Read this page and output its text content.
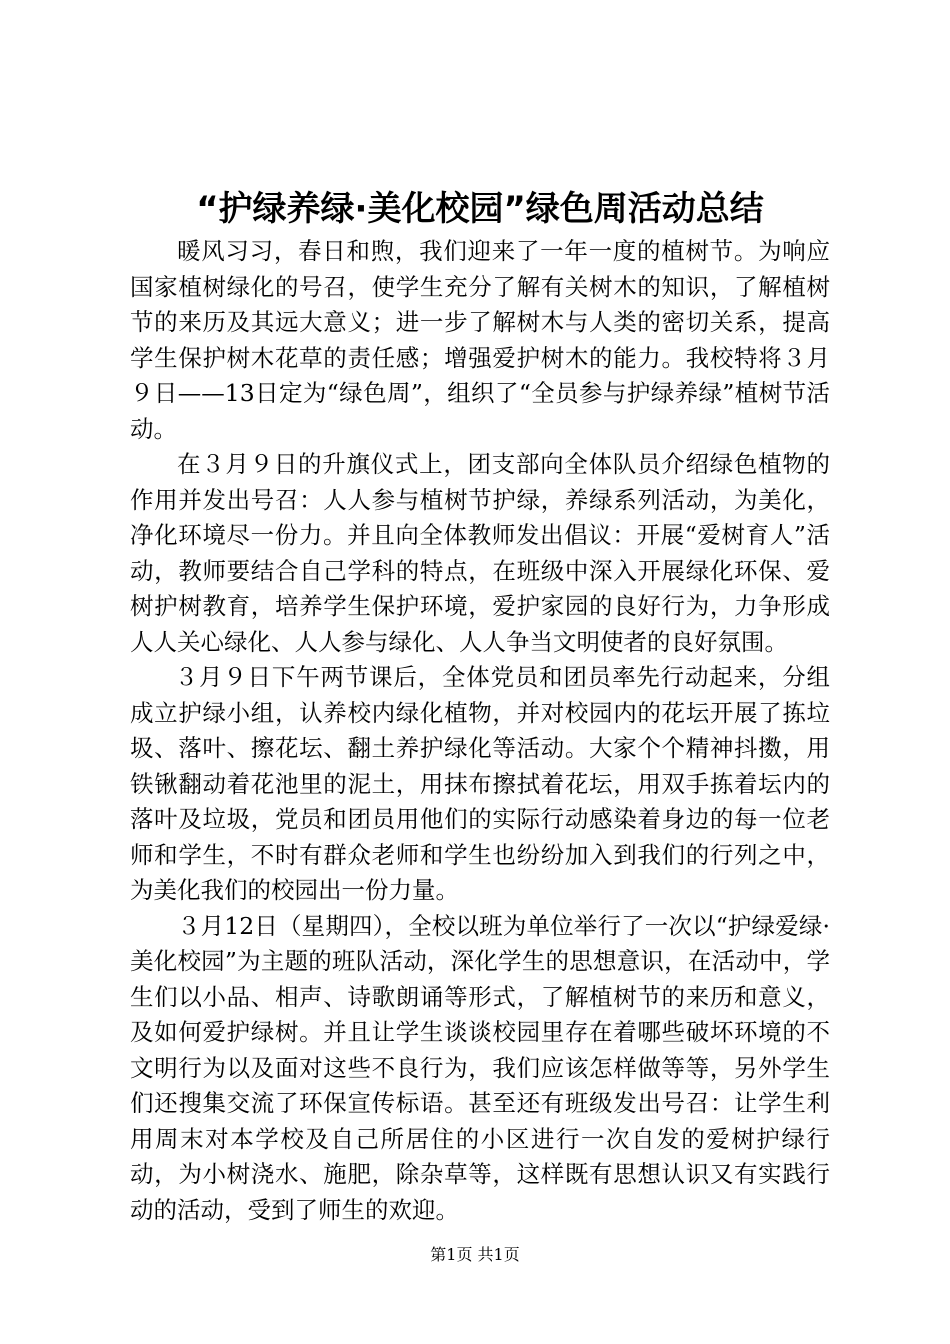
“护绿养绿·美化校园”绿色周活动总结

暖风习习，春日和煦，我们迎来了一年一度的植树节。为响应国家植树绿化的号召，使学生充分了解有关树木的知识，了解植树节的来历及其远大意义；进一步了解树木与人类的密切关系，提高学生保护树木花草的责任感；增强爱护树木的能力。我校特将３月９日——13日定为“绿色周”，组织了“全员参与护绿养绿”植树节活动。

在３月９日的升旗仪式上，团支部向全体队员介绍绿色植物的作用并发出号召：人人参与植树节护绿，养绿系列活动，为美化，净化环境尽一份力。并且向全体教师发出倡议：开展“爱树育人”活动，教师要结合自己学科的特点，在班级中深入开展绿化环保、爱树护树教育，培养学生保护环境，爱护家园的良好行为，力争形成人人关心绿化、人人参与绿化、人人争当文明使者的良好氛围。

３月９日下午两节课后，全体党员和团员率先行动起来，分组成立护绿小组，认养校内绿化植物，并对校园内的花坛开展了拣垃圾、落叶、擦花坛、翻土养护绿化等活动。大家个个精神抖擞，用铁锹翻动着花池里的泥土，用抹布擦拭着花坛，用双手拣着坛内的落叶及垃圾，党员和团员用他们的实际行动感染着身边的每一位老师和学生，不时有群众老师和学生也纷纷加入到我们的行列之中，为美化我们的校园出一份力量。

３月12日（星期四），全校以班为单位举行了一次以“护绿爱绿·美化校园”为主题的班队活动，深化学生的思想意识，在活动中，学生们以小品、相声、诗歌朗诵等形式，了解植树节的来历和意义，及如何爱护绿树。并且让学生谈谈校园里存在着哪些破坏环境的不文明行为以及面对这些不良行为，我们应该怎样做等等，另外学生们还搜集交流了环保宣传标语。甚至还有班级发出号召：让学生利用周末对本学校及自己所居住的小区进行一次自发的爱树护绿行动，为小树浇水、施肥，除杂草等，这样既有思想认识又有实践行动的活动，受到了师生的欢迎。

第1页 共1页
